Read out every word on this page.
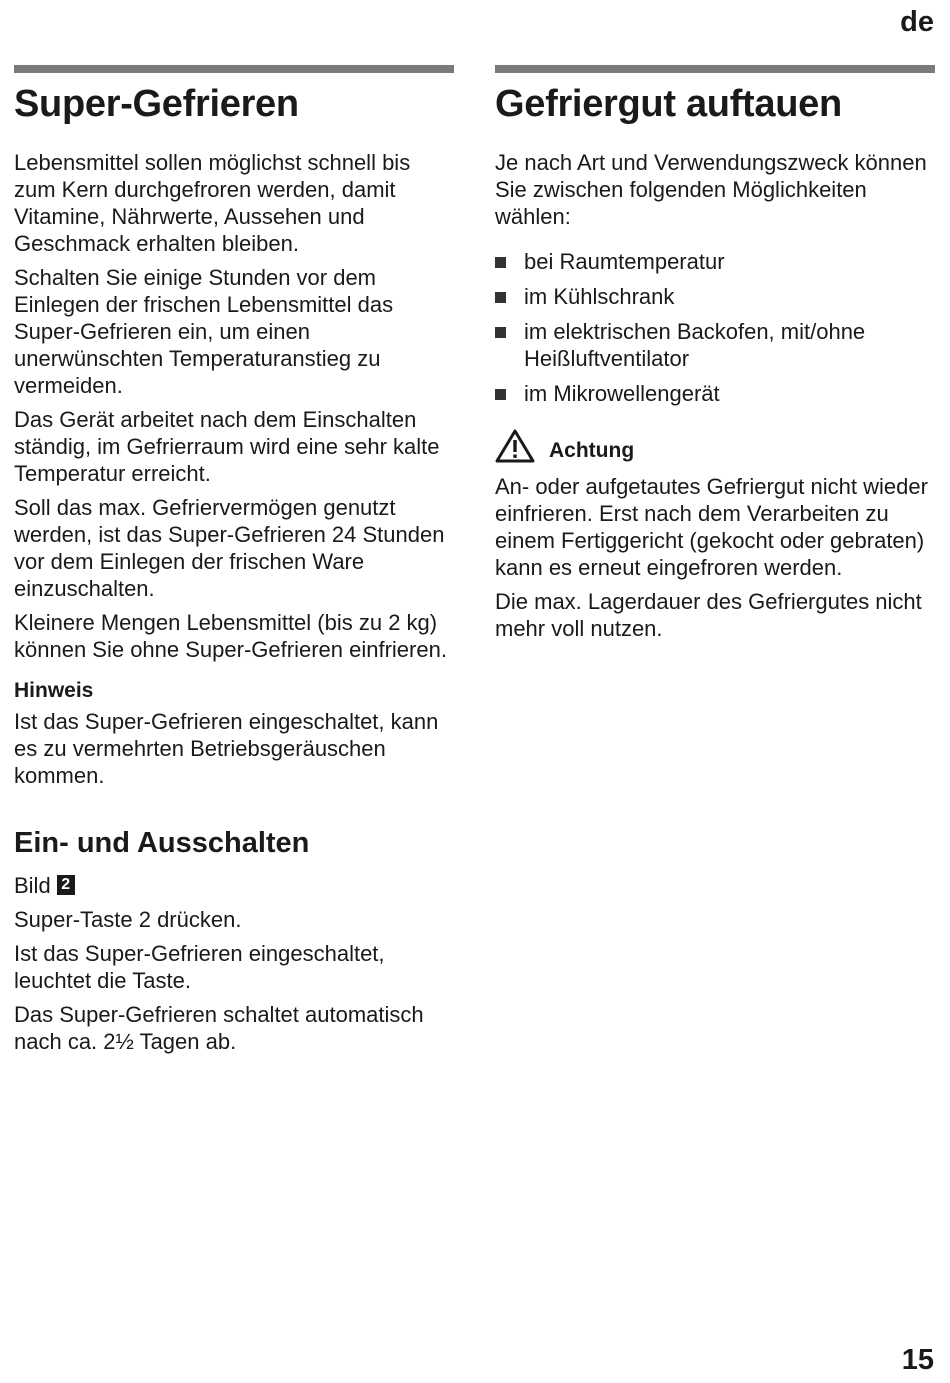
de
Super-Gefrieren

Lebensmittel sollen möglichst schnell bis zum Kern durchgefroren werden, damit Vitamine, Nährwerte, Aussehen und Geschmack erhalten bleiben.

Schalten Sie einige Stunden vor dem Einlegen der frischen Lebensmittel das Super-Gefrieren ein, um einen unerwünschten Temperaturanstieg zu vermeiden.

Das Gerät arbeitet nach dem Einschalten ständig, im Gefrierraum wird eine sehr kalte Temperatur erreicht.

Soll das max. Gefriervermögen genutzt werden, ist das Super-Gefrieren 24 Stunden vor dem Einlegen der frischen Ware einzuschalten.

Kleinere Mengen Lebensmittel (bis zu 2 kg) können Sie ohne Super-Gefrieren einfrieren.

Hinweis

Ist das Super-Gefrieren eingeschaltet, kann es zu vermehrten Betriebsgeräuschen kommen.

Ein- und Ausschalten

Bild 2

Super-Taste 2 drücken.

Ist das Super-Gefrieren eingeschaltet, leuchtet die Taste.

Das Super-Gefrieren schaltet automatisch nach ca. 2½ Tagen ab.

Gefriergut auftauen

Je nach Art und Verwendungszweck können Sie zwischen folgenden Möglichkeiten wählen:

bei Raumtemperatur
im Kühlschrank
im elektrischen Backofen, mit/ohne Heißluftventilator
im Mikrowellengerät
Achtung

An- oder aufgetautes Gefriergut nicht wieder einfrieren. Erst nach dem Verarbeiten zu einem Fertiggericht (gekocht oder gebraten) kann es erneut eingefroren werden.

Die max. Lagerdauer des Gefriergutes nicht mehr voll nutzen.

15
